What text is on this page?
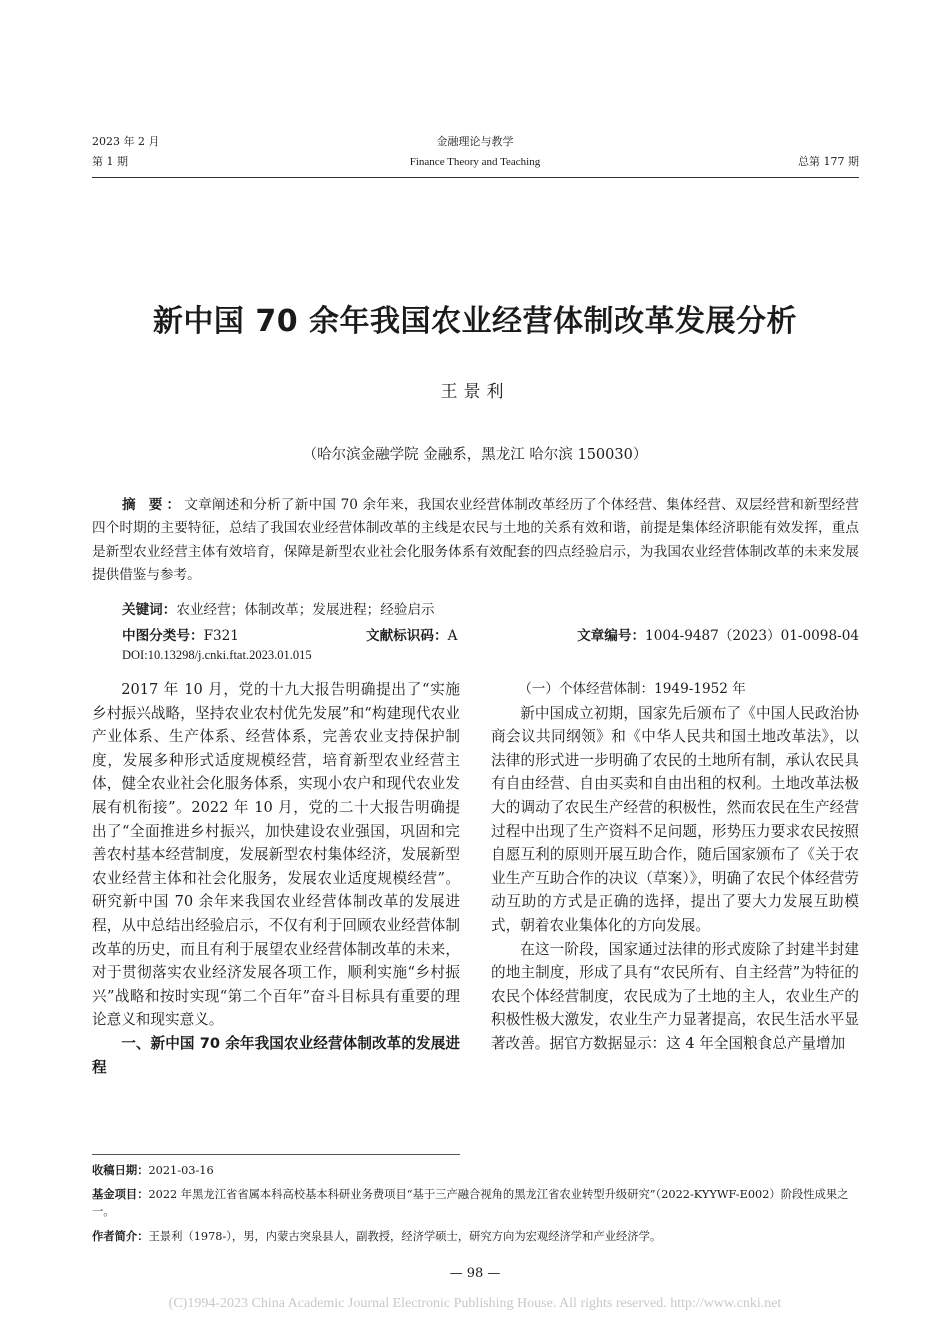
2023 年 2 月
第 1 期
金融理论与教学
Finance Theory and Teaching	总第 177 期
新中国 70 余年我国农业经营体制改革发展分析
王景利
（哈尔滨金融学院 金融系，黑龙江 哈尔滨 150030）
摘 要：文章阐述和分析了新中国 70 余年来，我国农业经营体制改革经历了个体经营、集体经营、双层经营和新型经营四个时期的主要特征，总结了我国农业经营体制改革的主线是农民与土地的关系有效和谐，前提是集体经济职能有效发挥，重点是新型农业经营主体有效培育，保障是新型农业社会化服务体系有效配套的四点经验启示，为我国农业经营体制改革的未来发展提供借鉴与参考。
关键词：农业经营；体制改革；发展进程；经验启示
中图分类号：F321	文献标识码：A	文章编号：1004-9487（2023）01-0098-04
DOI:10.13298/j.cnki.ftat.2023.01.015

2017 年 10 月，党的十九大报告明确提出了“实施乡村振兴战略，坚持农业农村优先发展”和“构建现代农业产业体系、生产体系、经营体系，完善农业支持保护制度，发展多种形式适度规模经营，培育新型农业经营主体，健全农业社会化服务体系，实现小农户和现代农业发展有机衔接”。2022 年 10 月，党的二十大报告明确提出了“全面推进乡村振兴，加快建设农业强国，巩固和完善农村基本经营制度，发展新型农村集体经济，发展新型农业经营主体和社会化服务，发展农业适度规模经营”。研究新中国 70 余年来我国农业经营体制改革的发展进程，从中总结出经验启示，不仅有利于回顾农业经营体制改革的历史，而且有利于展望农业经营体制改革的未来，对于贯彻落实农业经济发展各项工作，顺利实施“乡村振兴”战略和按时实现“第二个百年”奋斗目标具有重要的理论意义和现实意义。

一、新中国 70 余年我国农业经营体制改革的发展进程

（一）个体经营体制：1949-1952 年

新中国成立初期，国家先后颁布了《中国人民政治协商会议共同纲领》和《中华人民共和国土地改革法》，以法律的形式进一步明确了农民的土地所有制，承认农民具有自由经营、自由买卖和自由出租的权利。土地改革法极大的调动了农民生产经营的积极性，然而农民在生产经营过程中出现了生产资料不足问题，形势压力要求农民按照自愿互利的原则开展互助合作，随后国家颁布了《关于农业生产互助合作的决议（草案）》，明确了农民个体经营劳动互助的方式是正确的选择，提出了要大力发展互助模式，朝着农业集体化的方向发展。

在这一阶段，国家通过法律的形式废除了封建半封建的地主制度，形成了具有“农民所有、自主经营”为特征的农民个体经营制度，农民成为了土地的主人，农业生产的积极性极大激发，农业生产力显著提高，农民生活水平显著改善。据官方数据显示：这 4 年全国粮食总产量增加

收稿日期：2021-03-16
基金项目：2022 年黑龙江省省属本科高校基本科研业务费项目“基于三产融合视角的黑龙江省农业转型升级研究”（2022-KYYWF-E002）阶段性成果之一。
作者简介：王景利（1978-），男，内蒙古突泉县人，副教授，经济学硕士，研究方向为宏观经济学和产业经济学。
— 98 —
(C)1994-2023 China Academic Journal Electronic Publishing House. All rights reserved. http://www.cnki.net
